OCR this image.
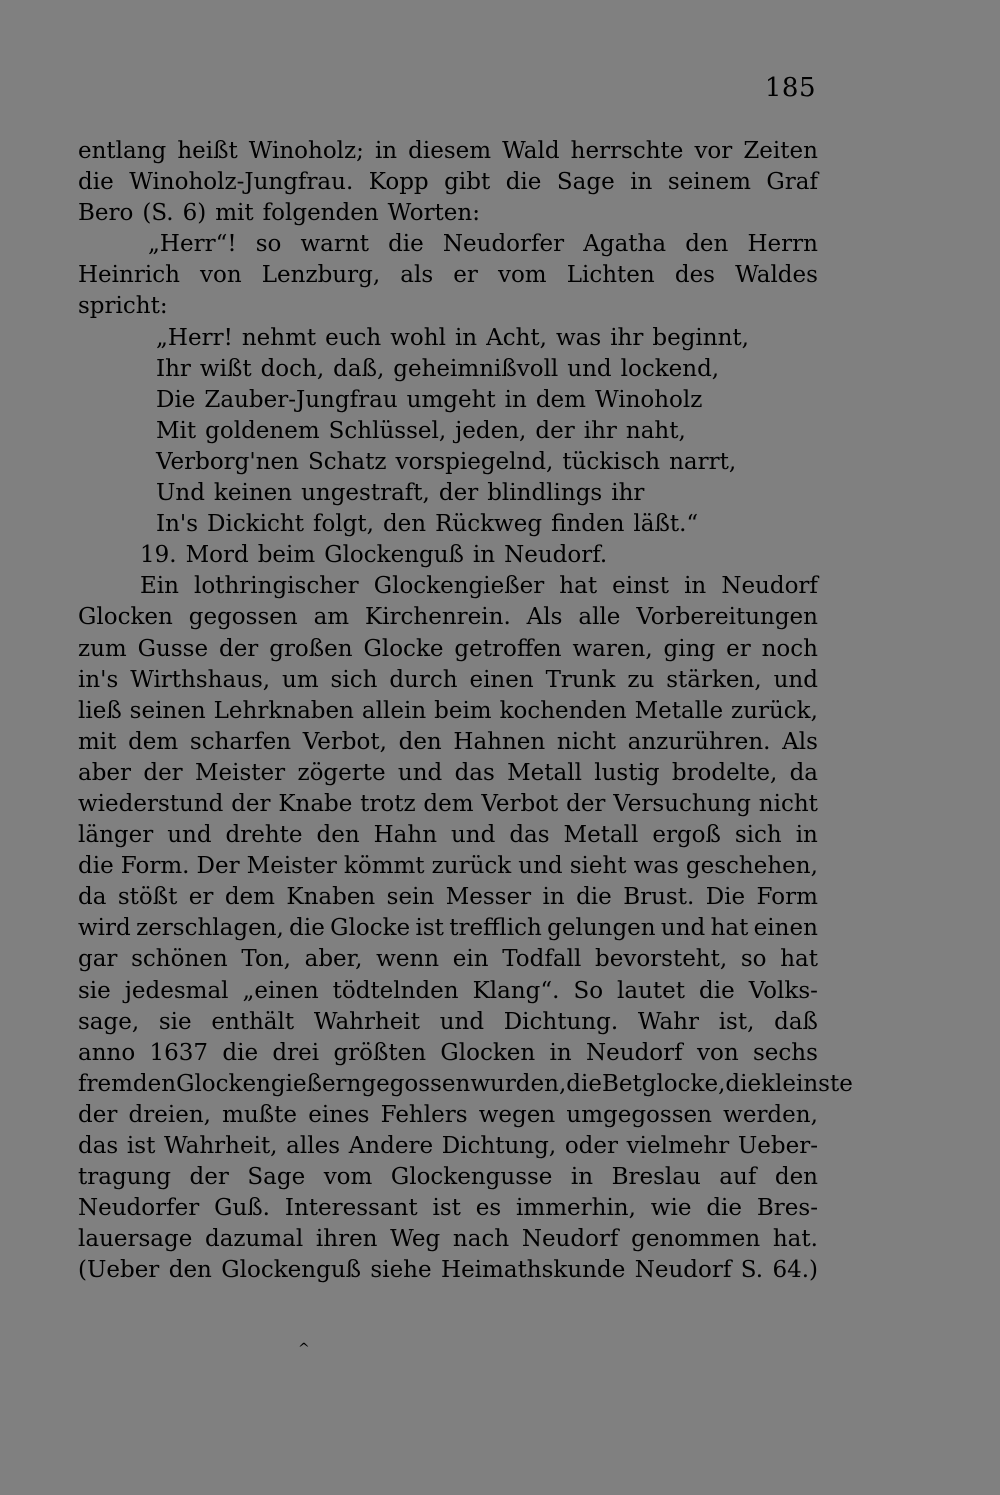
185
entlang heißt Winoholz; in diesem Wald herrschte vor Zeiten
die Winoholz-Jungfrau. Kopp gibt die Sage in seinem Graf
Bero (S. 6) mit folgenden Worten:
„Herr“! so warnt die Neudorfer Agatha den Herrn
Heinrich von Lenzburg, als er vom Lichten des Waldes
spricht:
„Herr! nehmt euch wohl in Acht, was ihr beginnt,
Ihr wißt doch, daß, geheimnißvoll und lockend,
Die Zauber-Jungfrau umgeht in dem Winoholz
Mit goldenem Schlüssel, jeden, der ihr naht,
Verborg'nen Schatz vorspiegelnd, tückisch narrt,
Und keinen ungestraft, der blindlings ihr
In's Dickicht folgt, den Rückweg finden läßt.“
19. Mord beim Glockenguß in Neudorf.
Ein lothringischer Glockengießer hat einst in Neudorf
Glocken gegossen am Kirchenrein. Als alle Vorbereitungen
zum Gusse der großen Glocke getroffen waren, ging er noch
in's Wirthshaus, um sich durch einen Trunk zu stärken, und
ließ seinen Lehrknaben allein beim kochenden Metalle zurück,
mit dem scharfen Verbot, den Hahnen nicht anzurühren. Als
aber der Meister zögerte und das Metall lustig brodelte, da
wiederstund der Knabe trotz dem Verbot der Versuchung nicht
länger und drehte den Hahn und das Metall ergoß sich in
die Form. Der Meister kömmt zurück und sieht was geschehen,
da stößt er dem Knaben sein Messer in die Brust. Die Form
wird zerschlagen, die Glocke ist trefflich gelungen und hat einen
gar schönen Ton, aber, wenn ein Todfall bevorsteht, so hat
sie jedesmal „einen tödtelnden Klang“. So lautet die Volks-
sage, sie enthält Wahrheit und Dichtung. Wahr ist, daß
anno 1637 die drei größten Glocken in Neudorf von sechs
fremden Glockengießern gegossen wurden, die Betglocke, die kleinste
der dreien, mußte eines Fehlers wegen umgegossen werden,
das ist Wahrheit, alles Andere Dichtung, oder vielmehr Ueber-
tragung der Sage vom Glockengusse in Breslau auf den
Neudorfer Guß. Interessant ist es immerhin, wie die Bres-
lauersage dazumal ihren Weg nach Neudorf genommen hat.
(Ueber den Glockenguß siehe Heimathskunde Neudorf S. 64.)
^
